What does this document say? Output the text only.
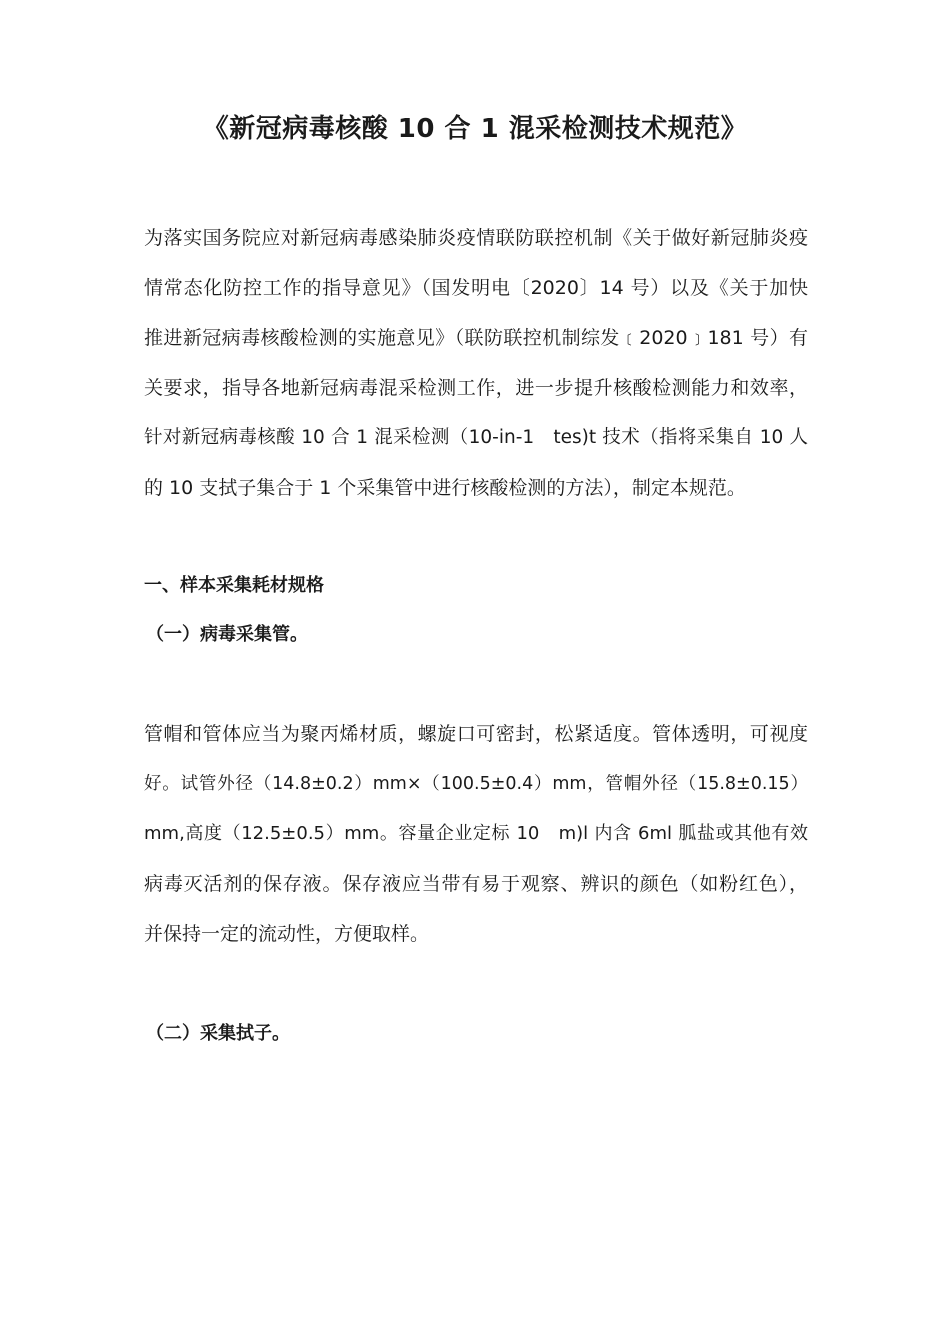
《新冠病毒核酸 10 合 1 混采检测技术规范》
为落实国务院应对新冠病毒感染肺炎疫情联防联控机制《关于做好新冠肺炎疫
情常态化防控工作的指导意见》（国发明电〔2020〕14 号）以及《关于加快
推进新冠病毒核酸检测的实施意见》（联防联控机制综发﹝2020﹞181 号）有
关要求，指导各地新冠病毒混采检测工作，进一步提升核酸检测能力和效率，
针对新冠病毒核酸 10 合 1 混采检测（10-in-1　tes)t 技术（指将采集自 10 人
的 10 支拭子集合于 1 个采集管中进行核酸检测的方法），制定本规范。
一、样本采集耗材规格
（一）病毒采集管。
管帽和管体应当为聚丙烯材质，螺旋口可密封，松紧适度。管体透明，可视度
好。试管外径（14.8±0.2）mm×（100.5±0.4）mm，管帽外径（15.8±0.15）
mm,高度（12.5±0.5）mm。容量企业定标 10　m)l 内含 6ml 胍盐或其他有效
病毒灭活剂的保存液。保存液应当带有易于观察、辨识的颜色（如粉红色），
并保持一定的流动性，方便取样。
（二）采集拭子。
